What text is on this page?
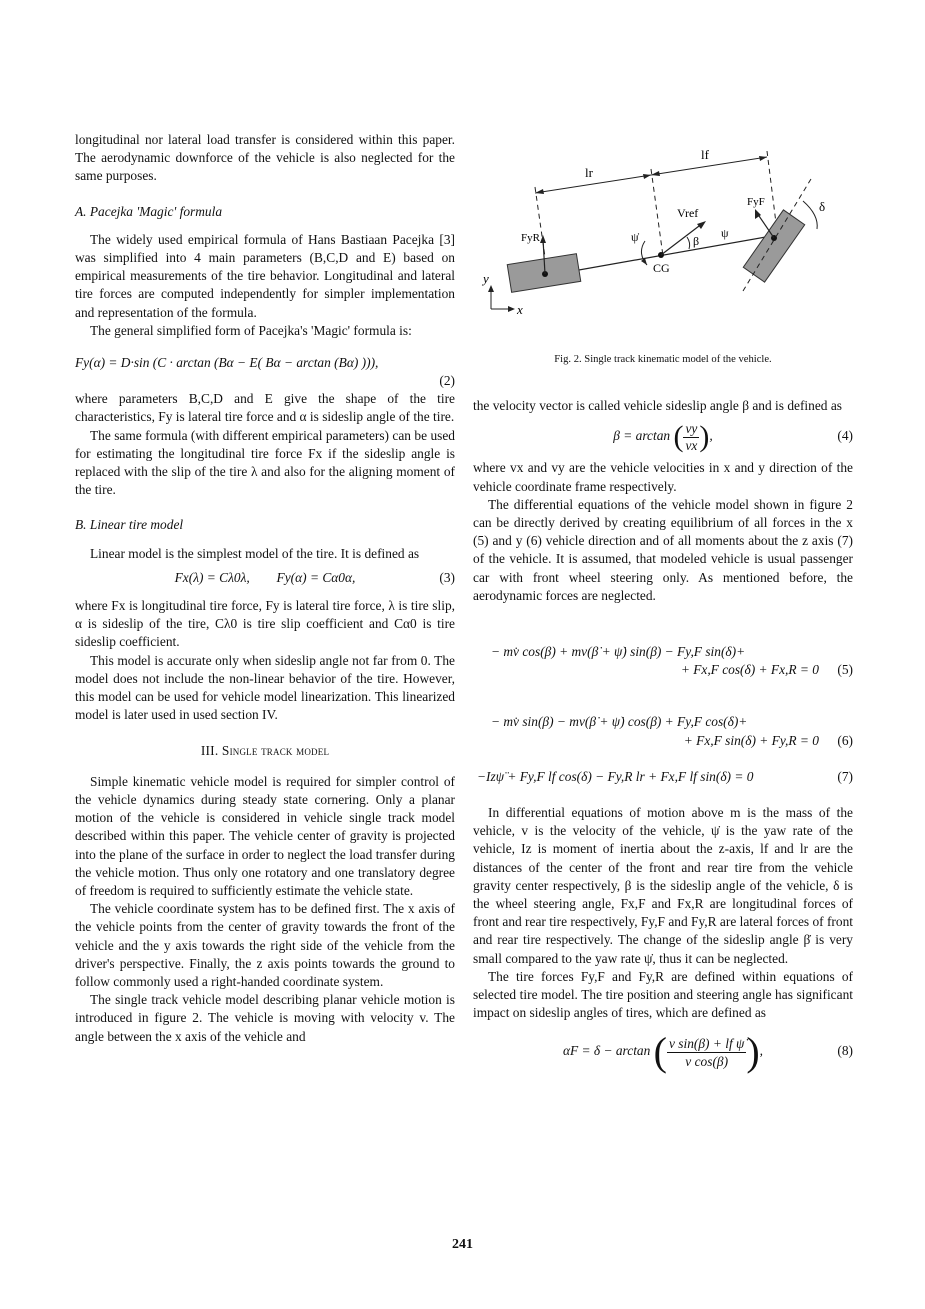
longitudinal nor lateral load transfer is considered within this paper. The aerodynamic downforce of the vehicle is also neglected for the same purposes.

A. Pacejka 'Magic' formula

The widely used empirical formula of Hans Bastiaan Pacejka [3] was simplified into 4 main parameters (B,C,D and E) based on empirical measurements of the tire behavior. Longitudinal and lateral tire forces are computed independently for simpler implementation and representation of the formula.

The general simplified form of Pacejka's 'Magic' formula is:

Fy(α) = D·sin (C · arctan (Bα − E( Bα − arctan (Bα) ))),
(2)

where parameters B,C,D and E give the shape of the tire characteristics, Fy is lateral tire force and α is sideslip angle of the tire.

The same formula (with different empirical parameters) can be used for estimating the longitudinal tire force Fx if the sideslip angle is replaced with the slip of the tire λ and also for the aligning moment of the tire.

B. Linear tire model

Linear model is the simplest model of the tire. It is defined as

Fx(λ) = Cλ0λ,        Fy(α) = Cα0α,	(3)

where Fx is longitudinal tire force, Fy is lateral tire force, λ is tire slip, α is sideslip of the tire, Cλ0 is tire slip coefficient and Cα0 is tire sideslip coefficient.

This model is accurate only when sideslip angle not far from 0. The model does not include the non-linear behavior of the tire. However, this model can be used for vehicle model linearization. This linearized model is later used in used section IV.

III. Single track model

Simple kinematic vehicle model is required for simpler control of the vehicle dynamics during steady state cornering. Only a planar motion of the vehicle is considered in vehicle single track model described within this paper. The vehicle center of gravity is projected into the plane of the surface in order to neglect the load transfer during the vehicle motion. Thus only one rotatory and one translatory degree of freedom is required to sufficiently estimate the vehicle state.

The vehicle coordinate system has to be defined first. The x axis of the vehicle points from the center of gravity towards the front of the vehicle and the y axis towards the right side of the vehicle from the driver's perspective. Finally, the z axis points towards the ground to follow commonly used a right-handed coordinate system.

The single track vehicle model describing planar vehicle motion is introduced in figure 2. The vehicle is moving with velocity v. The angle between the x axis of the vehicle and

lr
lf
FyR
CG
ψ̇
Vref
β
ψ
FyF	δ
y
x
Fig. 2. Single track kinematic model of the vehicle.

the velocity vector is called vehicle sideslip angle β and is defined as

β = arctan ( $\frac{vy}{vx}$ ),	(4)

where vx and vy are the vehicle velocities in x and y direction of the vehicle coordinate frame respectively.

The differential equations of the vehicle model shown in figure 2 can be directly derived by creating equilibrium of all forces in the x (5) and y (6) vehicle direction and of all moments about the z axis (7) of the vehicle. It is assumed, that modeled vehicle is usual passenger car with front wheel steering only. As mentioned before, the aerodynamic forces are neglected.

− mv̇ cos(β) + mv(β̇ + ψ̇) sin(β) − Fy,F sin(δ)+
+ Fx,F cos(δ) + Fx,R = 0 (5)
− mv̇ sin(β) − mv(β̇ + ψ̇) cos(β) + Fy,F cos(δ)+
+ Fx,F sin(δ) + Fy,R = 0 (6)
−Izψ̈ + Fy,F lf cos(δ) − Fy,R lr + Fx,F lf sin(δ) = 0	(7)

In differential equations of motion above m is the mass of the vehicle, v is the velocity of the vehicle, ψ̇ is the yaw rate of the vehicle, Iz is moment of inertia about the z-axis, lf and lr are the distances of the center of the front and rear tire from the vehicle gravity center respectively, β is the sideslip angle of the vehicle, δ is the wheel steering angle, Fx,F and Fx,R are longitudinal forces of front and rear tire respectively, Fy,F and Fy,R are lateral forces of front and rear tire respectively. The change of the sideslip angle β̇ is very small compared to the yaw rate ψ̇, thus it can be neglected.

The tire forces Fy,F and Fy,R are defined within equations of selected tire model. The tire position and steering angle has significant impact on sideslip angles of tires, which are defined as

αF = δ − arctan ( $\frac{\text{v sin(β) + lf ψ̇}}{\text{v cos(β)}}$ ),	(8)
241
